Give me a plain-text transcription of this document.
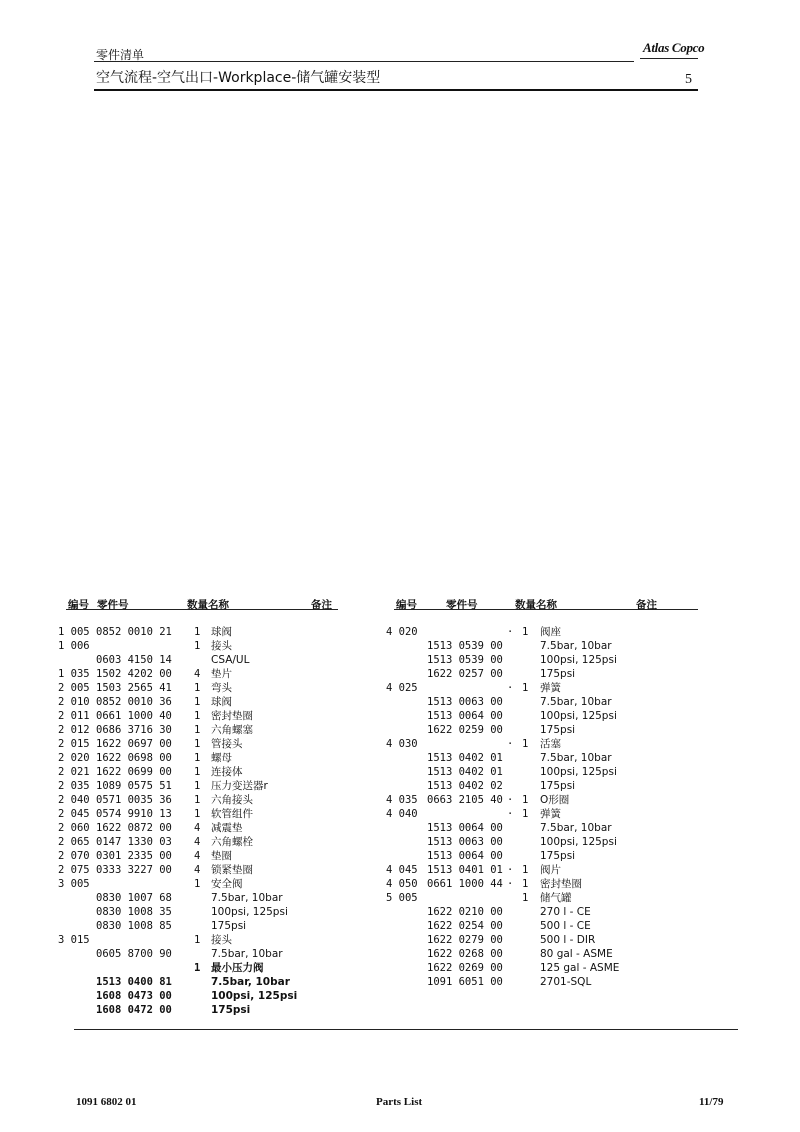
零件清单	Atlas Copco
空气流程-空气出口-Workplace-储气罐安装型	5
编号 零件号	数量名称	备注	编号	零件号	数量名称	备注
1 005 0852 0010 21 1 球阀
1 006	1 接头
0603 4150 14	CSA/UL
1 035 1502 4202 00 4 垫片
2 005 1503 2565 41 1 弯头
2 010 0852 0010 36 1 球阀
2 011 0661 1000 40 1 密封垫圈
2 012 0686 3716 30 1 六角螺塞
2 015 1622 0697 00 1 管接头
2 020 1622 0698 00 1 螺母
2 021 1622 0699 00 1 连接体
2 035 1089 0575 51 1 压力变送器r
2 040 0571 0035 36 1 六角接头
2 045 0574 9910 13 1 软管组件
2 060 1622 0872 00 4 减震垫
2 065 0147 1330 03 4 六角螺栓
2 070 0301 2335 00 4 垫圈
2 075 0333 3227 00 4 锁紧垫圈
3 005	1 安全阀
0830 1007 68	7.5bar, 10bar
0830 1008 35	100psi, 125psi
0830 1008 85	175psi
3 015	1 接头
0605 8700 90	7.5bar, 10bar
1 最小压力阀
1513 0400 81	7.5bar, 10bar
1608 0473 00	100psi, 125psi
1608 0472 00	175psi
4 020	· 1 阀座
1513 0539 00	7.5bar, 10bar
1513 0539 00	100psi, 125psi
1622 0257 00	175psi
4 025	· 1 弹簧
1513 0063 00	7.5bar, 10bar
1513 0064 00	100psi, 125psi
1622 0259 00	175psi
4 030	· 1 活塞
1513 0402 01	7.5bar, 10bar
1513 0402 01	100psi, 125psi
1513 0402 02	175psi
4 035 0663 2105 40 · 1 O形圈
4 040	· 1 弹簧
1513 0064 00	7.5bar, 10bar
1513 0063 00	100psi, 125psi
1513 0064 00	175psi
4 045 1513 0401 01 · 1 阀片
4 050 0661 1000 44 · 1 密封垫圈
5 005	1 储气罐
1622 0210 00	270 l - CE
1622 0254 00	500 l - CE
1622 0279 00	500 l - DIR
1622 0268 00	80 gal - ASME
1622 0269 00	125 gal - ASME
1091 6051 00	2701-SQL
1091 6802 01	Parts List	11/79
